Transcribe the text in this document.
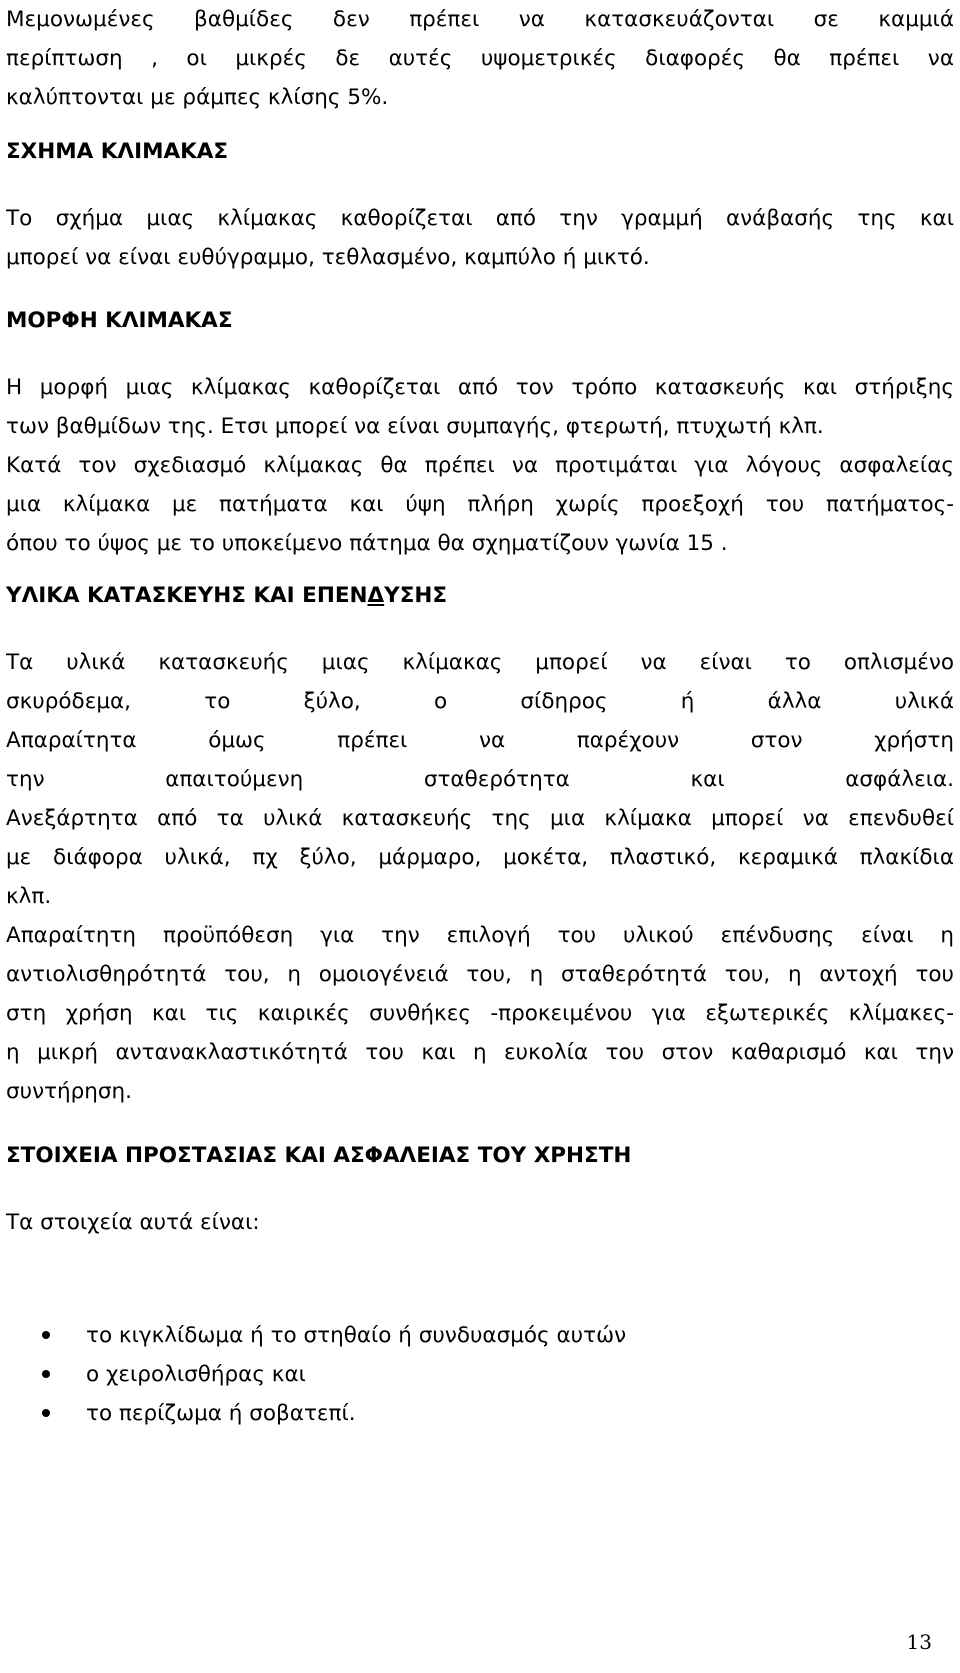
Μεμονωμένες βαθμίδες δεν πρέπει να κατασκευάζονται σε καμμιά
περίπτωση , οι μικρές δε αυτές υψομετρικές διαφορές θα πρέπει να
καλύπτονται με ράμπες κλίσης 5%.
ΣΧΗΜΑ ΚΛΙΜΑΚΑΣ
Το σχήμα μιας κλίμακας καθορίζεται από την γραμμή ανάβασής της και
μπορεί να είναι ευθύγραμμο, τεθλασμένο, καμπύλο ή μικτό.
ΜΟΡΦΗ ΚΛΙΜΑΚΑΣ
Η μορφή μιας κλίμακας καθορίζεται από τον τρόπο κατασκευής και στήριξης
των βαθμίδων της. Ετσι μπορεί να είναι συμπαγής, φτερωτή, πτυχωτή κλπ.
Κατά τον σχεδιασμό κλίμακας θα πρέπει να προτιμάται για λόγους ασφαλείας
μια κλίμακα με πατήματα και ύψη πλήρη χωρίς προεξοχή του πατήματος-
όπου το ύψος με το υποκείμενο πάτημα θα σχηματίζουν γωνία 15 .
ΥΛΙΚΑ ΚΑΤΑΣΚΕΥΗΣ ΚΑΙ ΕΠΕΝΔΥΣΗΣ
Τα υλικά κατασκευής μιας κλίμακας μπορεί να είναι το οπλισμένο
σκυρόδεμα, το ξύλο, ο σίδηρος ή άλλα υλικά
Απαραίτητα όμως πρέπει να παρέχουν στον χρήστη
την απαιτούμενη σταθερότητα και ασφάλεια.
Ανεξάρτητα από τα υλικά κατασκευής της μια κλίμακα μπορεί να επενδυθεί
με διάφορα υλικά, πχ ξύλο, μάρμαρο, μοκέτα, πλαστικό, κεραμικά πλακίδια
κλπ.
Απαραίτητη προϋπόθεση για την επιλογή του υλικού επένδυσης είναι η
αντιολισθηρότητά του, η ομοιογένειά του, η σταθερότητά του, η αντοχή του
στη χρήση και τις καιρικές συνθήκες -προκειμένου για εξωτερικές κλίμακες-
η μικρή αντανακλαστικότητά του και η ευκολία του στον καθαρισμό και την
συντήρηση.
ΣΤΟΙΧΕΙΑ ΠΡΟΣΤΑΣΙΑΣ ΚΑΙ ΑΣΦΑΛΕΙΑΣ ΤΟΥ ΧΡΗΣΤΗ
Τα στοιχεία αυτά είναι:
το κιγκλίδωμα ή το στηθαίο ή συνδυασμός αυτών
ο χειρολισθήρας και
το περίζωμα ή σοβατεπί.
13
